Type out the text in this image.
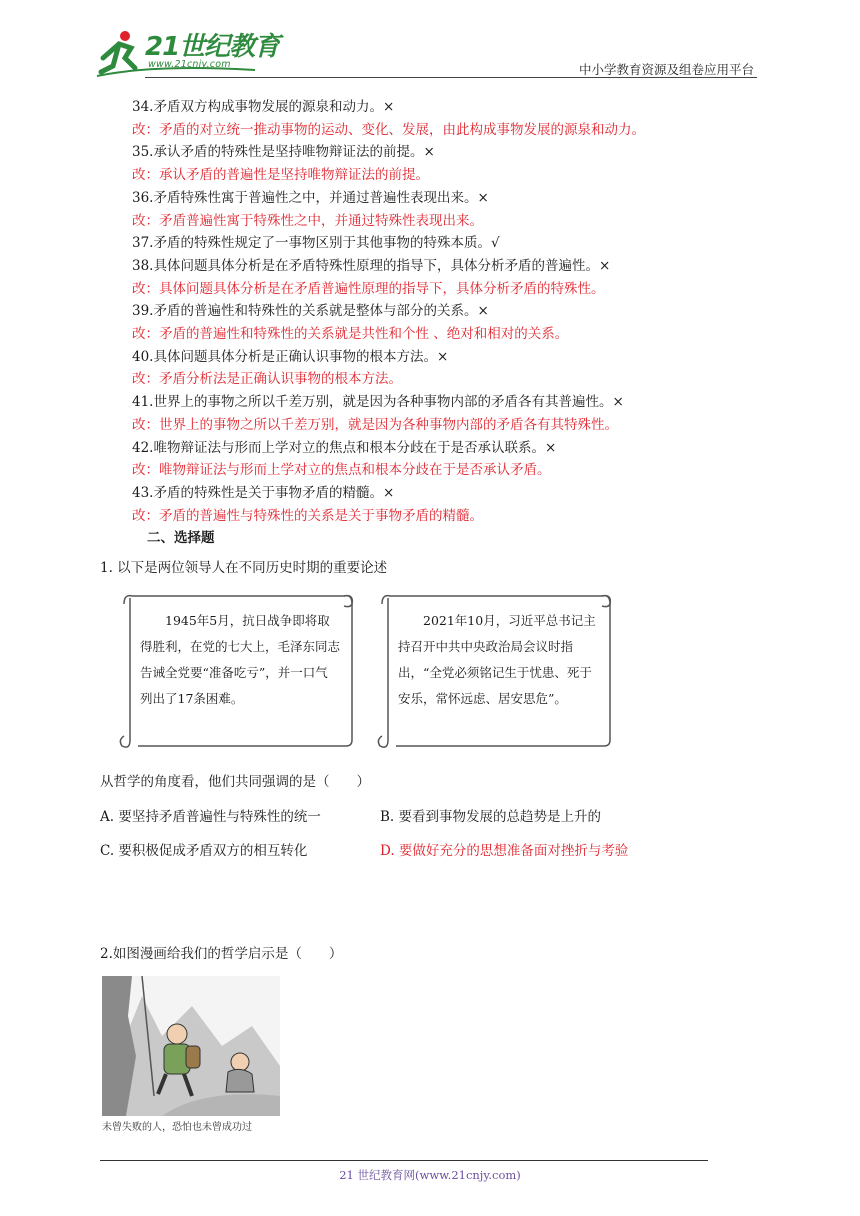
21世纪教育
www.21cnjy.com	中小学教育资源及组卷应用平台
34.矛盾双方构成事物发展的源泉和动力。×
改：矛盾的对立统一推动事物的运动、变化、发展，由此构成事物发展的源泉和动力。
35.承认矛盾的特殊性是坚持唯物辩证法的前提。×
改：承认矛盾的普遍性是坚持唯物辩证法的前提。
36.矛盾特殊性寓于普遍性之中，并通过普遍性表现出来。×
改：矛盾普遍性寓于特殊性之中，并通过特殊性表现出来。
37.矛盾的特殊性规定了一事物区别于其他事物的特殊本质。√
38.具体问题具体分析是在矛盾特殊性原理的指导下，具体分析矛盾的普遍性。×
改：具体问题具体分析是在矛盾普遍性原理的指导下，具体分析矛盾的特殊性。
39.矛盾的普遍性和特殊性的关系就是整体与部分的关系。×
改：矛盾的普遍性和特殊性的关系就是共性和个性 、绝对和相对的关系。
40.具体问题具体分析是正确认识事物的根本方法。×
改：矛盾分析法是正确认识事物的根本方法。
41.世界上的事物之所以千差万别，就是因为各种事物内部的矛盾各有其普遍性。×
改：世界上的事物之所以千差万别，就是因为各种事物内部的矛盾各有其特殊性。
42.唯物辩证法与形而上学对立的焦点和根本分歧在于是否承认联系。×
改：唯物辩证法与形而上学对立的焦点和根本分歧在于是否承认矛盾。
43.矛盾的特殊性是关于事物矛盾的精髓。×
改：矛盾的普遍性与特殊性的关系是关于事物矛盾的精髓。
二、选择题
1. 以下是两位领导人在不同历史时期的重要论述
1945年5月，抗日战争即将取得胜利，在党的七大上，毛泽东同志告诫全党要“准备吃亏”，并一口气列出了17条困难。
2021年10月，习近平总书记主持召开中共中央政治局会议时指出，“全党必须铭记生于忧患、死于安乐，常怀远虑、居安思危”。
从哲学的角度看，他们共同强调的是（　　）
A. 要坚持矛盾普遍性与特殊性的统一	B. 要看到事物发展的总趋势是上升的
C. 要积极促成矛盾双方的相互转化	D. 要做好充分的思想准备面对挫折与考验
2.如图漫画给我们的哲学启示是（　　）
未曾失败的人，恐怕也未曾成功过
21 世纪教育网(www.21cnjy.com)
